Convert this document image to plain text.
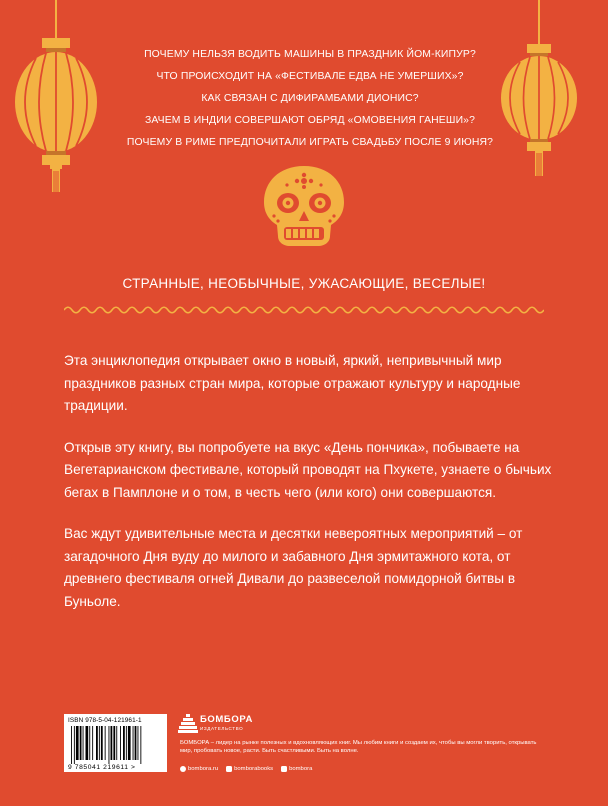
ПОЧЕМУ НЕЛЬЗЯ ВОДИТЬ МАШИНЫ В ПРАЗДНИК ЙОМ-КИПУР?
ЧТО ПРОИСХОДИТ НА «ФЕСТИВАЛЕ ЕДВА НЕ УМЕРШИХ»?
КАК СВЯЗАН С ДИФИРАМБАМИ ДИОНИС?
ЗАЧЕМ В ИНДИИ СОВЕРШАЮТ ОБРЯД «ОМОВЕНИЯ ГАНЕШИ»?
ПОЧЕМУ В РИМЕ ПРЕДПОЧИТАЛИ ИГРАТЬ СВАДЬБУ ПОСЛЕ 9 ИЮНЯ?
СТРАННЫЕ, НЕОБЫЧНЫЕ, УЖАСАЮЩИЕ, ВЕСЕЛЫЕ!

Эта энциклопедия открывает окно в новый, яркий, непривычный мир праздников разных стран мира, которые отражают культуру и народные традиции.

Открыв эту книгу, вы попробуете на вкус «День пончика», побываете на Вегетарианском фестивале, который проводят на Пхукете, узнаете о бычьих бегах в Памплоне и о том, в честь чего (или кого) они совершаются.

Вас ждут удивительные места и десятки невероятных мероприятий – от загадочного Дня вуду до милого и забавного Дня эрмитажного кота, от древнего фестиваля огней Дивали до развеселой помидорной битвы в Буньоле.

ISBN 978-5-04-121961-1
9 785041 219611 >
БОМБОРА
ИЗДАТЕЛЬСТВО
БОМБОРА – лидер на рынке полезных и вдохновляющих книг. Мы любим книги и создаем их, чтобы вы могли творить, открывать мир, пробовать новое, расти. Быть счастливыми. Быть на волне.
bombora.ru	bomborabooks	bombora
